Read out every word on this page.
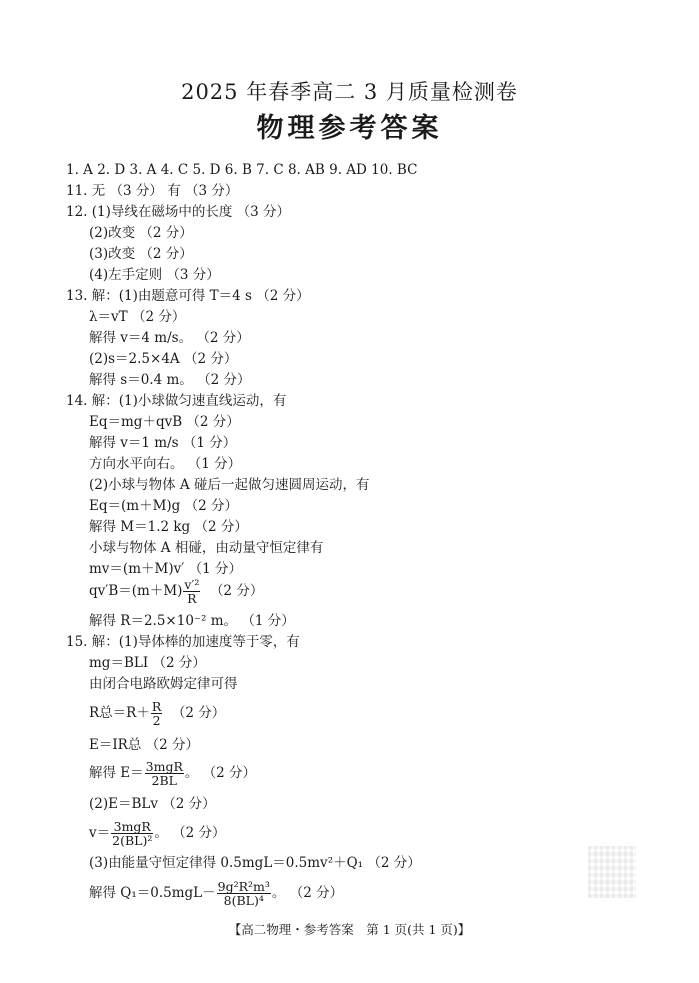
2025 年春季高二 3 月质量检测卷
物理参考答案
1. A 2. D 3. A 4. C 5. D 6. B 7. C 8. AB 9. AD 10. BC
11. 无 （3 分） 有 （3 分）
12. (1)导线在磁场中的长度 （3 分）
(2)改变 （2 分）
(3)改变 （2 分）
(4)左手定则 （3 分）
13. 解：(1)由题意可得 T＝4 s （2 分）
λ＝vT （2 分）
解得 v＝4 m/s。 （2 分）
(2)s＝2.5×4A （2 分）
解得 s＝0.4 m。 （2 分）
14. 解：(1)小球做匀速直线运动，有
Eq＝mg＋qvB （2 分）
解得 v＝1 m/s （1 分）
方向水平向右。 （1 分）
(2)小球与物体 A 碰后一起做匀速圆周运动，有
Eq＝(m＋M)g （2 分）
解得 M＝1.2 kg （2 分）
小球与物体 A 相碰，由动量守恒定律有
mv＝(m＋M)v′ （1 分）
$qv'B=(m+M) \frac{\text{v′²}}{R} (2$ 分）
解得 R＝2.5×10⁻² m。 （1 分）
15. 解：(1)导体棒的加速度等于零，有
mg＝BLI （2 分）
由闭合电路欧姆定律可得
R总$=R+ \frac{R}{2} (2$ 分）
E＝IR总 （2 分）
解得 $E= \frac{\text{3mgR}}{2BL}$ 。 （2 分）
(2)E＝BLv （2 分）
$v= \frac{\text{3mgR}}{\text{2(BL)²}}$ 。 （2 分）
(3)由能量守恒定律得 0.5mgL＝0.5mv²＋Q₁ （2 分）
解得 $Q_1=0.5mgL- \frac{\text{9g²R²m³}}{\text{8(BL)⁴}}$ 。 （2 分）
【高二物理・参考答案　第 1 页(共 1 页)】
